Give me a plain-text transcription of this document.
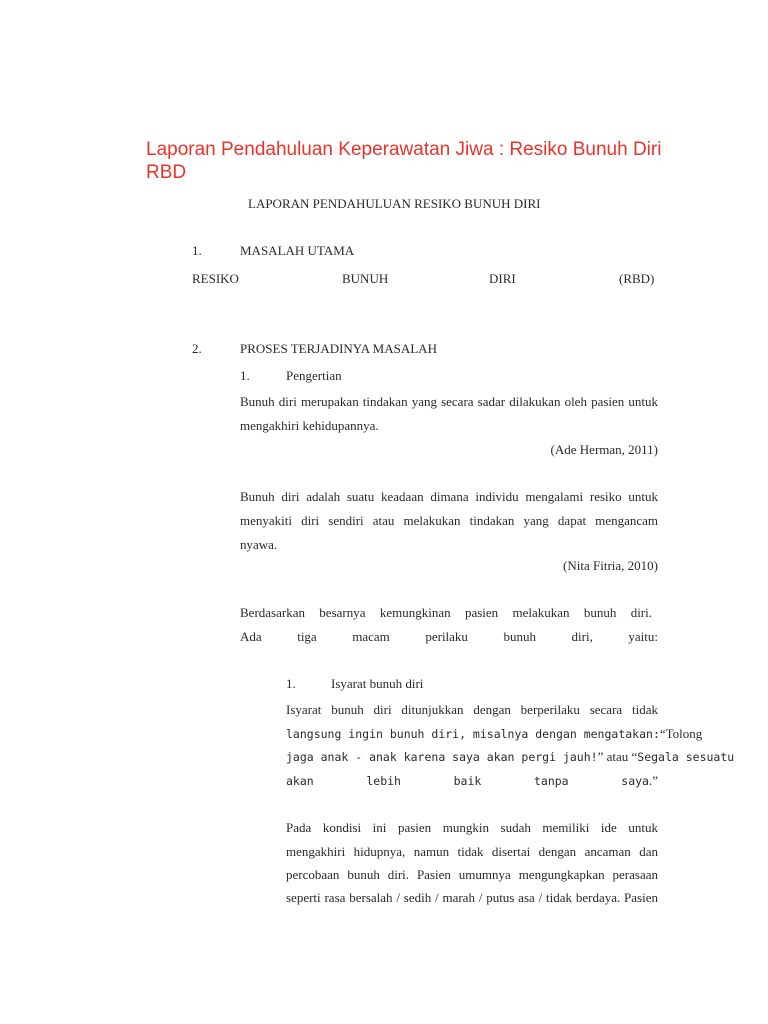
Laporan Pendahuluan Keperawatan Jiwa : Resiko Bunuh Diri RBD
LAPORAN PENDAHULUAN RESIKO BUNUH DIRI
1.	MASALAH UTAMA
RESIKO	BUNUH	DIRI	(RBD)
2.	PROSES TERJADINYA MASALAH
1.	Pengertian
Bunuh diri merupakan tindakan yang secara sadar dilakukan oleh pasien untuk
mengakhiri kehidupannya.
(Ade Herman, 2011)
Bunuh diri adalah suatu keadaan dimana individu mengalami resiko untuk
menyakiti diri sendiri atau melakukan tindakan yang dapat mengancam
nyawa.
(Nita Fitria, 2010)
Berdasarkan besarnya kemungkinan pasien melakukan bunuh diri.
Ada tiga macam perilaku bunuh diri, yaitu:
1.	Isyarat bunuh diri
Isyarat bunuh diri ditunjukkan dengan berperilaku secara tidak
langsung ingin bunuh diri, misalnya dengan mengatakan: “Tolong
jaga anak - anak karena saya akan pergi jauh! ” atau “ Segala sesuatu
akan lebih baik tanpa saya .”
Pada kondisi ini pasien mungkin sudah memiliki ide untuk
mengakhiri hidupnya, namun tidak disertai dengan ancaman dan
percobaan bunuh diri. Pasien umumnya mengungkapkan perasaan
seperti rasa bersalah / sedih / marah / putus asa / tidak berdaya. Pasien
